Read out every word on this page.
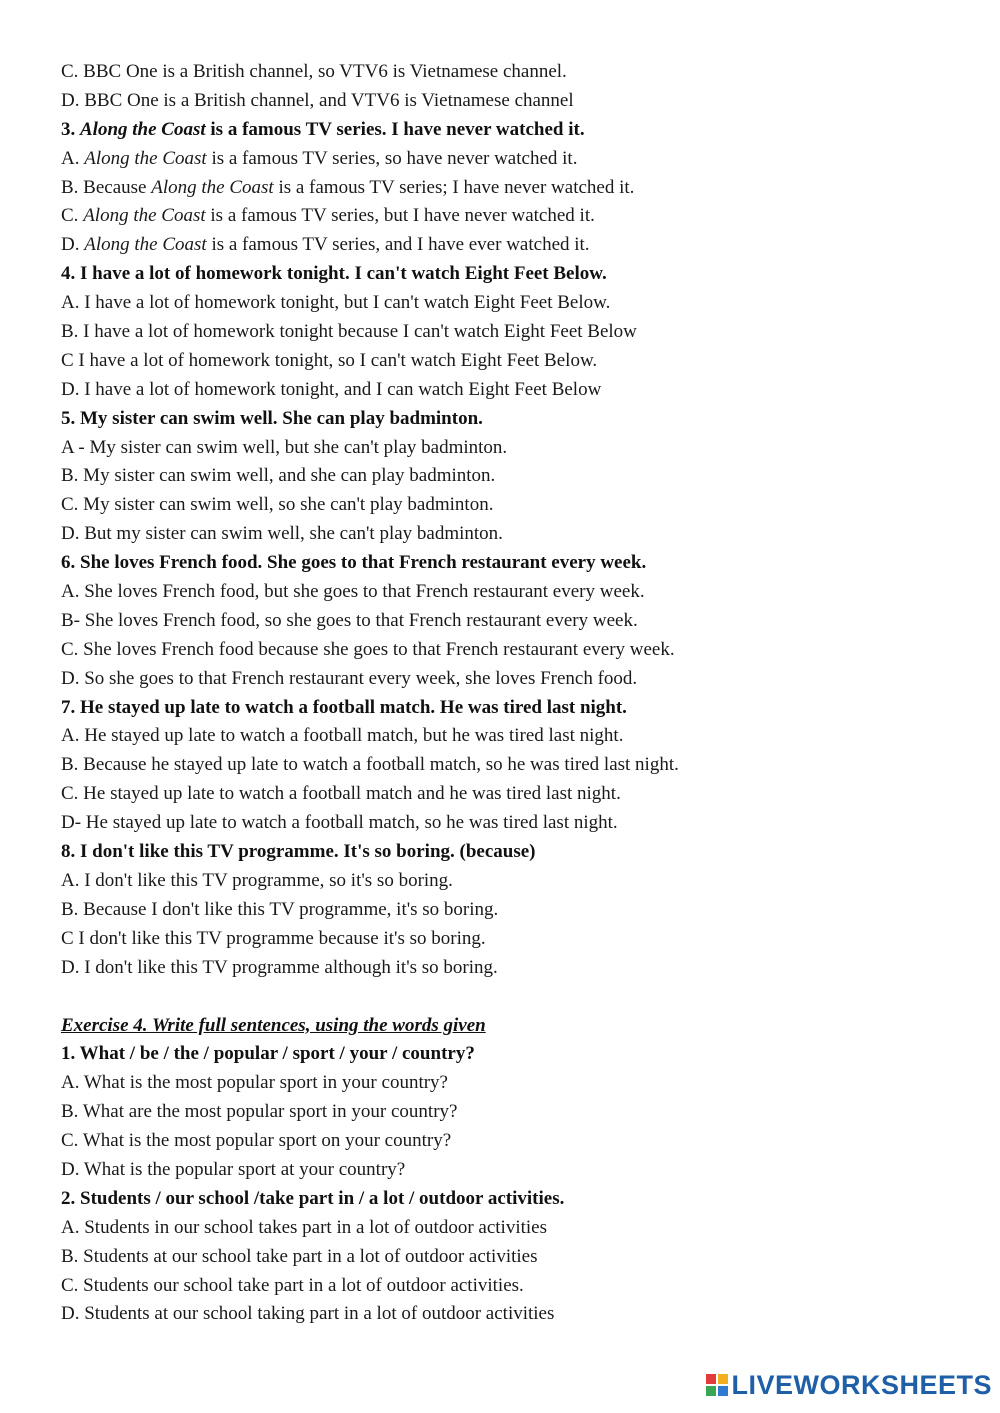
C. BBC One is a British channel, so VTV6 is Vietnamese channel.
D. BBC One is a British channel, and VTV6 is Vietnamese channel
3. Along the Coast is a famous TV series. I have never watched it.
A. Along the Coast is a famous TV series, so have never watched it.
B. Because Along the Coast is a famous TV series; I have never watched it.
C. Along the Coast is a famous TV series, but I have never watched it.
D. Along the Coast is a famous TV series, and I have ever watched it.
4. I have a lot of homework tonight. I can't watch Eight Feet Below.
A. I have a lot of homework tonight, but I can't watch Eight Feet Below.
B. I have a lot of homework tonight because I can't watch Eight Feet Below
C I have a lot of homework tonight, so I can't watch Eight Feet Below.
D. I have a lot of homework tonight, and I can watch Eight Feet Below
5. My sister can swim well. She can play badminton.
A - My sister can swim well, but she can't play badminton.
B. My sister can swim well, and she can play badminton.
C. My sister can swim well, so she can't play badminton.
D. But my sister can swim well, she can't play badminton.
6. She loves French food. She goes to that French restaurant every week.
A. She loves French food, but she goes to that French restaurant every week.
B- She loves French food, so she goes to that French restaurant every week.
C. She loves French food because she goes to that French restaurant every week.
D. So she goes to that French restaurant every week, she loves French food.
7. He stayed up late to watch a football match. He was tired last night.
A. He stayed up late to watch a football match, but he was tired last night.
B. Because he stayed up late to watch a football match, so he was tired last night.
C. He stayed up late to watch a football match and he was tired last night.
D- He stayed up late to watch a football match, so he was tired last night.
8. I don't like this TV programme. It's so boring. (because)
A. I don't like this TV programme, so it's so boring.
B. Because I don't like this TV programme, it's so boring.
C I don't like this TV programme because it's so boring.
D. I don't like this TV programme although it's so boring.
Exercise 4. Write full sentences, using the words given
1. What / be / the / popular / sport / your / country?
A. What is the most popular sport in your country?
B. What are the most popular sport in your country?
C. What is the most popular sport on your country?
D. What is the popular sport at your country?
2. Students / our school /take part in / a lot / outdoor activities.
A. Students in our school takes part in a lot of outdoor activities
B. Students at our school take part in a lot of outdoor activities
C. Students our school take part in a lot of outdoor activities.
D. Students at our school taking part in a lot of outdoor activities
LIVEWORKSHEETS
